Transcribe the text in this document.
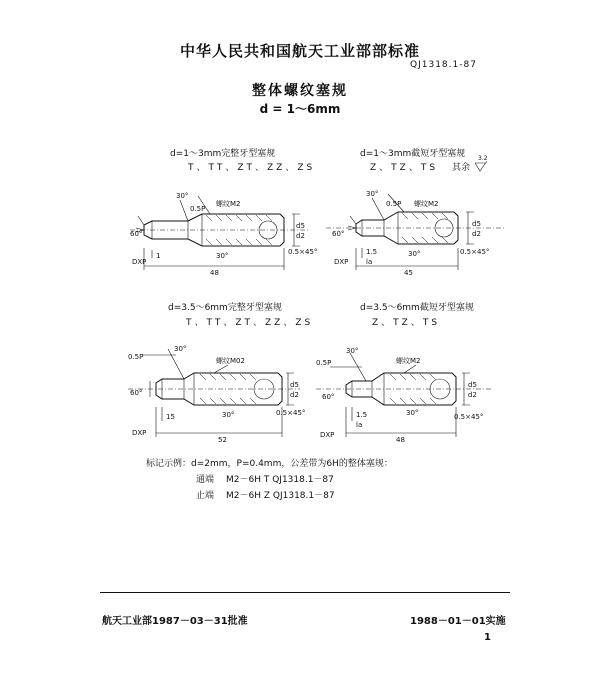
中华人民共和国航天工业部部标准
QJ1318.1-87
整体螺纹塞规
d = 1～6mm
d=1～3mm完整牙型塞规
T、TT、ZT、ZZ、ZS
d=1～3mm截短牙型塞规
Z、TZ、TS 其余
3.2
30°
0.5P
螺纹M2
60°
30°	0.5×45°
d5
d2
DXP
1
48
30°
0.5P 螺纹M2
60°
30°	0.5×45°
d5
d2
DXP
1.5
la
45
d=3.5～6mm完整牙型塞规
T、TT、ZT、ZZ、ZS
d=3.5～6mm截短牙型塞规
Z、TZ、TS
0.5P
30°
螺纹M02
60°
30°	0.5×45°
d5
d2
DXP
15
52
0.5P
30°
螺纹M2
60°
30°	0.5×45°
d5
d2
DXP
1.5
la
48
标记示例：d=2mm，P=0.4mm，公差带为6H的整体塞规：
通端 M2－6H T QJ1318.1－87
止端 M2－6H Z QJ1318.1－87
航天工业部1987－03－31批准	1988－01－01实施
1
